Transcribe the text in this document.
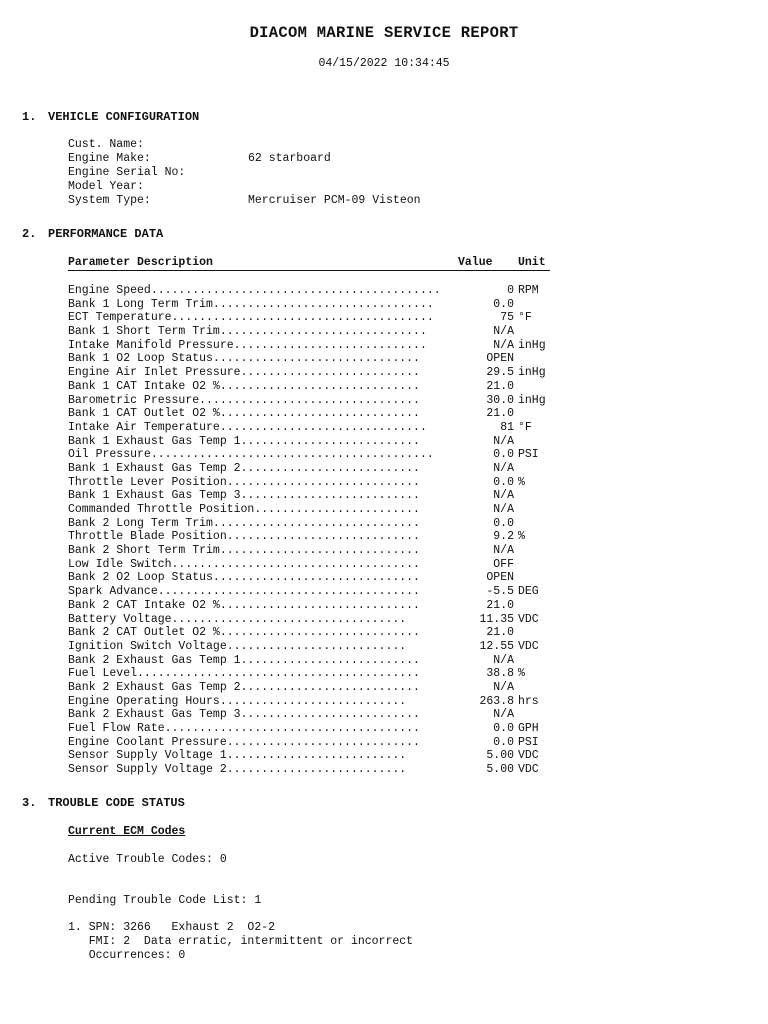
DIACOM MARINE SERVICE REPORT
04/15/2022 10:34:45
1. VEHICLE CONFIGURATION
Cust. Name:
Engine Make:	62 starboard
Engine Serial No:
Model Year:
System Type:	Mercruiser PCM-09 Visteon
2. PERFORMANCE DATA
Parameter Description	Value Unit
Engine Speed..........................................	0 RPM
Bank 1 Long Term Trim................................	0.0
ECT Temperature......................................	75 °F
Bank 1 Short Term Trim..............................	N/A
Intake Manifold Pressure............................	N/A inHg
Bank 1 O2 Loop Status..............................	OPEN
Engine Air Inlet Pressure..........................	29.5 inHg
Bank 1 CAT Intake O2 %.............................	21.0
Barometric Pressure................................	30.0 inHg
Bank 1 CAT Outlet O2 %.............................	21.0
Intake Air Temperature..............................	81 °F
Bank 1 Exhaust Gas Temp 1..........................	N/A
Oil Pressure.........................................	0.0 PSI
Bank 1 Exhaust Gas Temp 2..........................	N/A
Throttle Lever Position............................	0.0 %
Bank 1 Exhaust Gas Temp 3..........................	N/A
Commanded Throttle Position........................	N/A
Bank 2 Long Term Trim..............................	0.0
Throttle Blade Position............................	9.2 %
Bank 2 Short Term Trim.............................	N/A
Low Idle Switch....................................	OFF
Bank 2 O2 Loop Status..............................	OPEN
Spark Advance......................................	-5.5 DEG
Bank 2 CAT Intake O2 %.............................	21.0
Battery Voltage..................................	11.35 VDC
Bank 2 CAT Outlet O2 %.............................	21.0
Ignition Switch Voltage..........................	12.55 VDC
Bank 2 Exhaust Gas Temp 1..........................	N/A
Fuel Level.........................................	38.8 %
Bank 2 Exhaust Gas Temp 2..........................	N/A
Engine Operating Hours...........................	263.8 hrs
Bank 2 Exhaust Gas Temp 3..........................	N/A
Fuel Flow Rate.....................................	0.0 GPH
Engine Coolant Pressure............................	0.0 PSI
Sensor Supply Voltage 1..........................	5.00 VDC
Sensor Supply Voltage 2..........................	5.00 VDC
3. TROUBLE CODE STATUS
Current ECM Codes
Active Trouble Codes: 0
Pending Trouble Code List: 1
1. SPN: 3266   Exhaust 2  O2-2
FMI: 2  Data erratic, intermittent or incorrect
Occurrences: 0
